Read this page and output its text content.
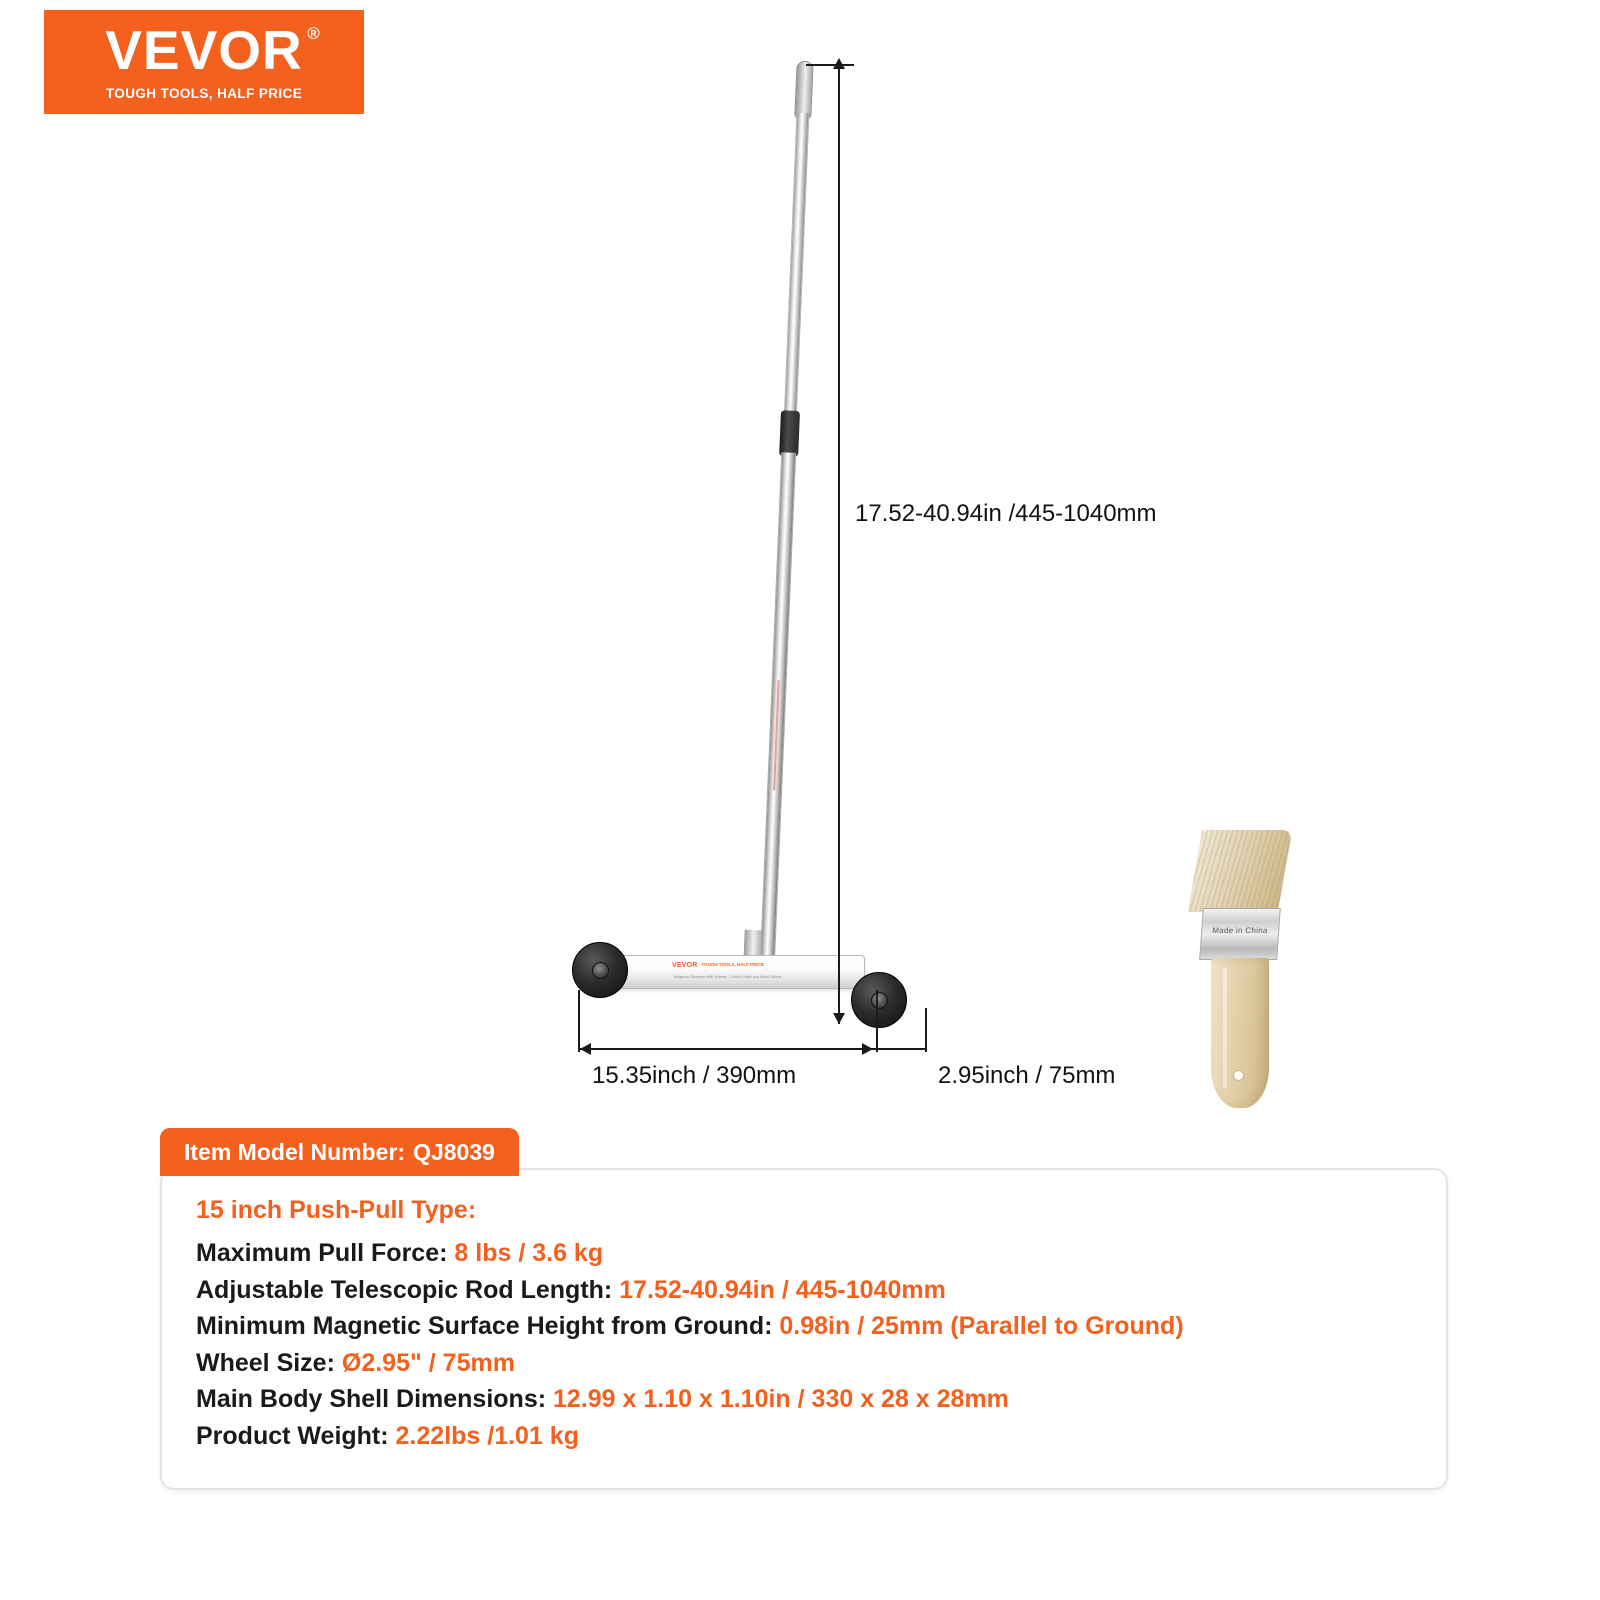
VEVOR ®
TOUGH TOOLS, HALF PRICE
VEVOR TOUGH TOOLS, HALF PRICE
Magnetic Sweeper with Wheels - Collect Nails and Metal Debris
17.52-40.94in /445-1040mm
15.35inch / 390mm	2.95inch / 75mm
Made in China
Item Model Number: QJ8039
15 inch Push-Pull Type:
Maximum Pull Force: 8 lbs / 3.6 kg
Adjustable Telescopic Rod Length: 17.52-40.94in / 445-1040mm
Minimum Magnetic Surface Height from Ground: 0.98in / 25mm (Parallel to Ground)
Wheel Size: Ø2.95" / 75mm
Main Body Shell Dimensions: 12.99 x 1.10 x 1.10in / 330 x 28 x 28mm
Product Weight: 2.22lbs /1.01 kg
